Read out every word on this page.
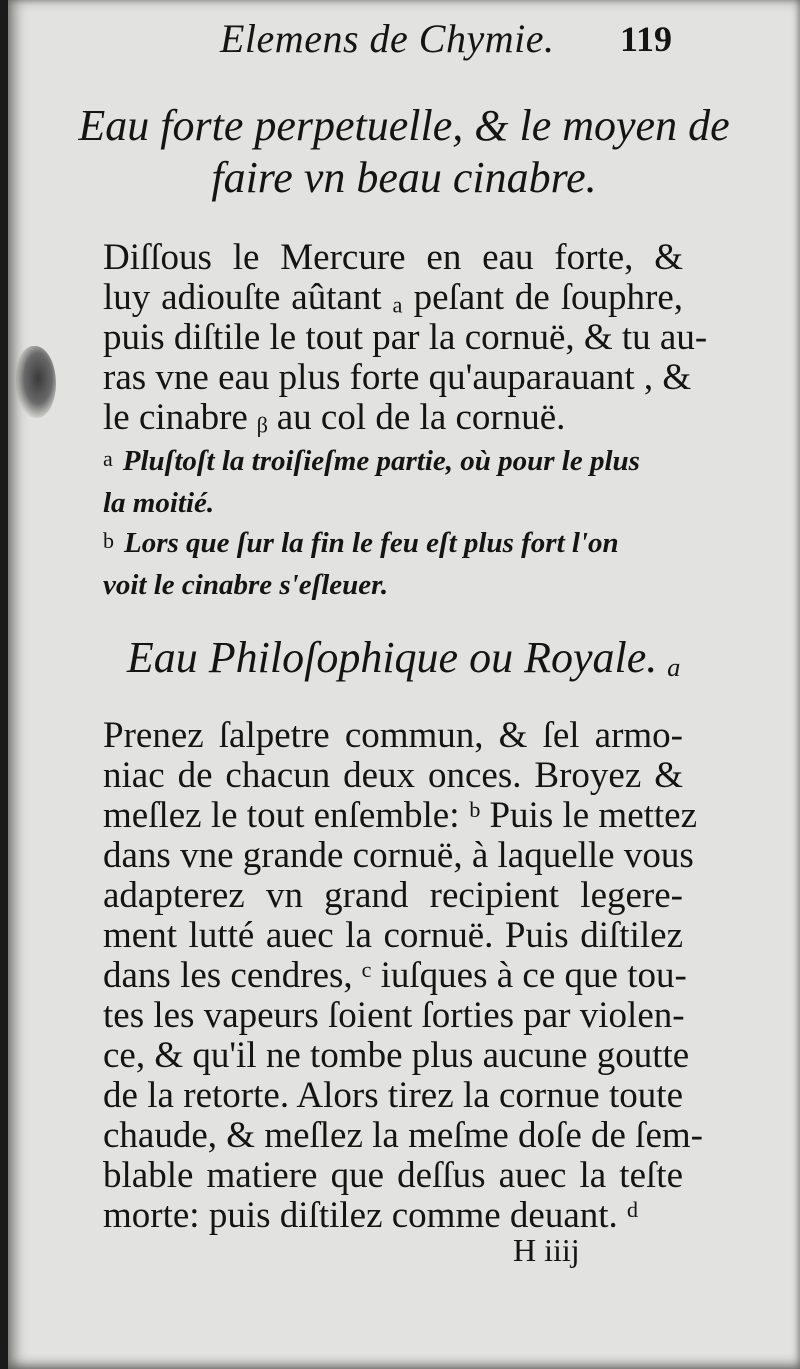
Elemens de Chymie. 119
Eau forte perpetuelle, & le moyen de
faire vn beau cinabre.
Diſſous le Mercure en eau forte, &
luy adiouſte aûtant ₐ peſant de ſouphre,
puis diſtile le tout par la cornuë, & tu au-
ras vne eau plus forte qu'auparauant , &
le cinabre ᵦ au col de la cornuë.
a Pluſtoſt la troiſieſme partie, où pour le plus
la moitié.
b Lors que ſur la fin le feu eſt plus fort l'on
voit le cinabre s'eſleuer.
Eau Philoſophique ou Royale. ₐ
Prenez ſalpetre commun, & ſel armo-
niac de chacun deux onces. Broyez &
meſlez le tout enſemble: ᵇ Puis le mettez
dans vne grande cornuë, à laquelle vous
adapterez vn grand recipient legere-
ment lutté auec la cornuë. Puis diſtilez
dans les cendres, ᶜ iuſques à ce que tou-
tes les vapeurs ſoient ſorties par violen-
ce, & qu'il ne tombe plus aucune goutte
de la retorte. Alors tirez la cornue toute
chaude, & meſlez la meſme doſe de ſem-
blable matiere que deſſus auec la teſte
morte: puis diſtilez comme deuant. ᵈ
H iiij
